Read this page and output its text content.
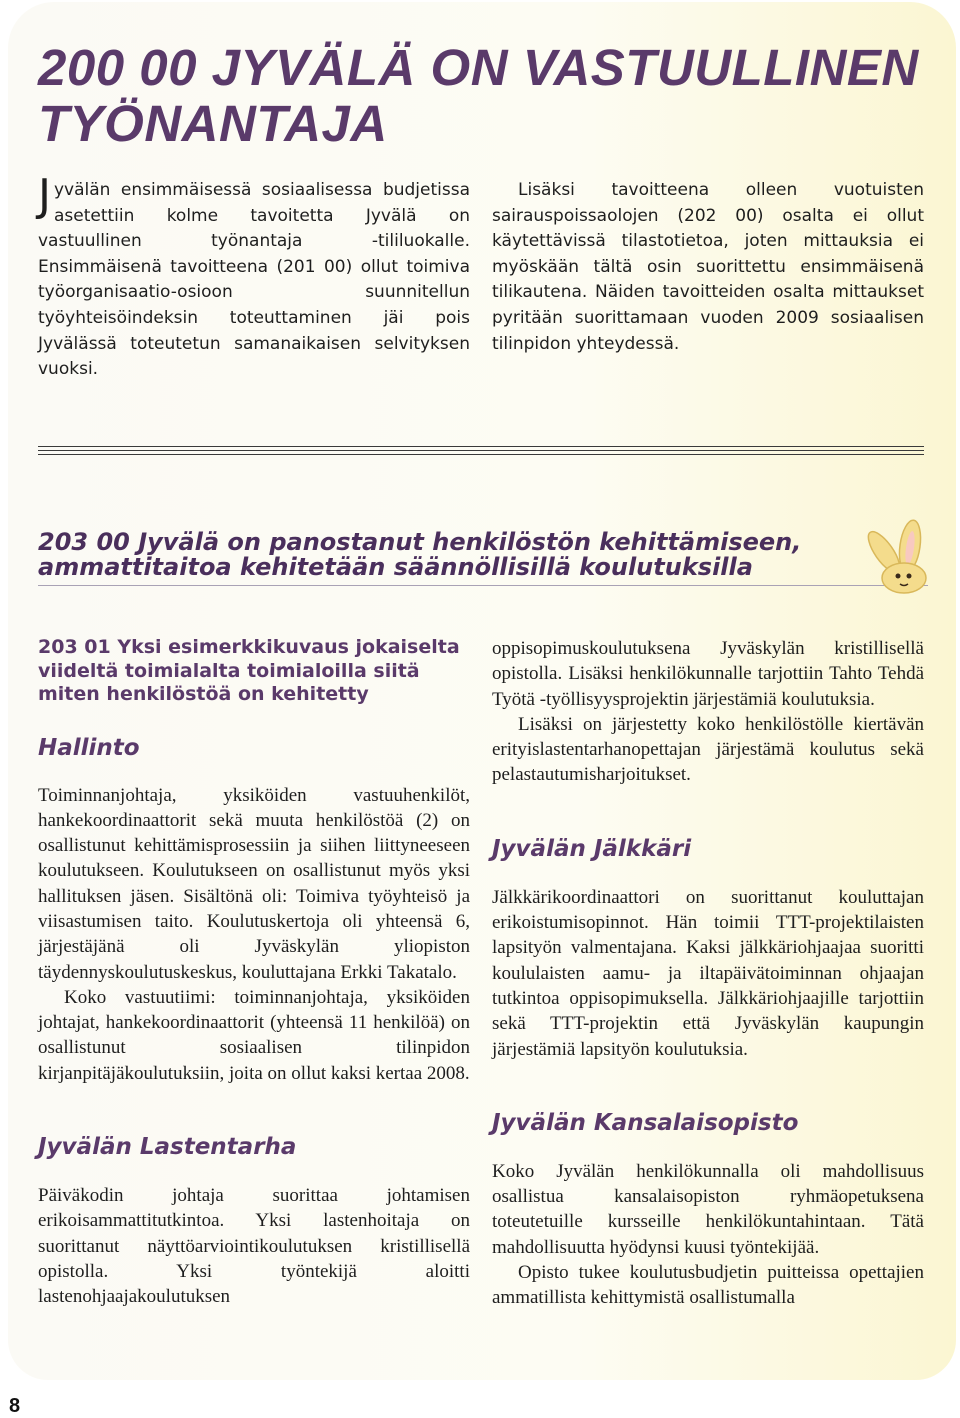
200 00 JYVÄLÄ ON VASTUULLINEN TYÖNANTAJA

Jyvälän ensimmäisessä sosiaalisessa budjetissa asetettiin kolme tavoitetta Jyvälä on vastuullinen työnantaja -tililuokalle. Ensimmäisenä tavoitteena (201 00) ollut toimiva työorganisaatio-osioon suunnitellun työyhteisöindeksin toteuttaminen jäi pois Jyvälässä toteutetun samanaikaisen selvityksen vuoksi.

Lisäksi tavoitteena olleen vuotuisten sairauspoissaolojen (202 00) osalta ei ollut käytettävissä tilastotietoa, joten mittauksia ei myöskään tältä osin suorittettu ensimmäisenä tilikautena. Näiden tavoitteiden osalta mittaukset pyritään suorittamaan vuoden 2009 sosiaalisen tilinpidon yhteydessä.

203 00 Jyvälä on panostanut henkilöstön kehittämiseen, ammattitaitoa kehitetään säännöllisillä koulutuksilla
203 01 Yksi esimerkkikuvaus jokaiselta viideltä toimialalta toimialoilla siitä miten henkilöstöä on kehitetty
Hallinto

Toiminnanjohtaja, yksiköiden vastuuhenkilöt, hankekoordinaattorit sekä muuta henkilöstöä (2) on osallistunut kehittämisprosessiin ja siihen liittyneeseen koulutukseen. Koulutukseen on osallistunut myös yksi hallituksen jäsen. Sisältönä oli: Toimiva työyhteisö ja viisastumisen taito. Koulutuskertoja oli yhteensä 6, järjestäjänä oli Jyväskylän yliopiston täydennyskoulutuskeskus, kouluttajana Erkki Takatalo.

Koko vastuutiimi: toiminnanjohtaja, yksiköiden johtajat, hankekoordinaattorit (yhteensä 11 henkilöä) on osallistunut sosiaalisen tilinpidon kirjanpitäjäkoulutuksiin, joita on ollut kaksi kertaa 2008.

Jyvälän Lastentarha

Päiväkodin johtaja suorittaa johtamisen erikoisammattitutkintoa. Yksi lastenhoitaja on suorittanut näyttöarviointikoulutuksen kristillisellä opistolla. Yksi työntekijä aloitti lastenohjaajakoulutuksen

oppisopimuskoulutuksena Jyväskylän kristillisellä opistolla. Lisäksi henkilökunnalle tarjottiin Tahto Tehdä Työtä -työllisyysprojektin järjestämiä koulutuksia.

Lisäksi on järjestetty koko henkilöstölle kiertävän erityislastentarhanopettajan järjestämä koulutus sekä pelastautumisharjoitukset.

Jyvälän Jälkkäri

Jälkkärikoordinaattori on suorittanut kouluttajan erikoistumisopinnot. Hän toimii TTT-projektilaisten lapsityön valmentajana. Kaksi jälkkäriohjaajaa suoritti koululaisten aamu- ja iltapäivätoiminnan ohjaajan tutkintoa oppisopimuksella. Jälkkäriohjaajille tarjottiin sekä TTT-projektin että Jyväskylän kaupungin järjestämiä lapsityön koulutuksia.

Jyvälän Kansalaisopisto

Koko Jyvälän henkilökunnalla oli mahdollisuus osallistua kansalaisopiston ryhmäopetuksena toteutetuille kursseille henkilökuntahintaan. Tätä mahdollisuutta hyödynsi kuusi työntekijää.

Opisto tukee koulutusbudjetin puitteissa opettajien ammatillista kehittymistä osallistumalla

8
